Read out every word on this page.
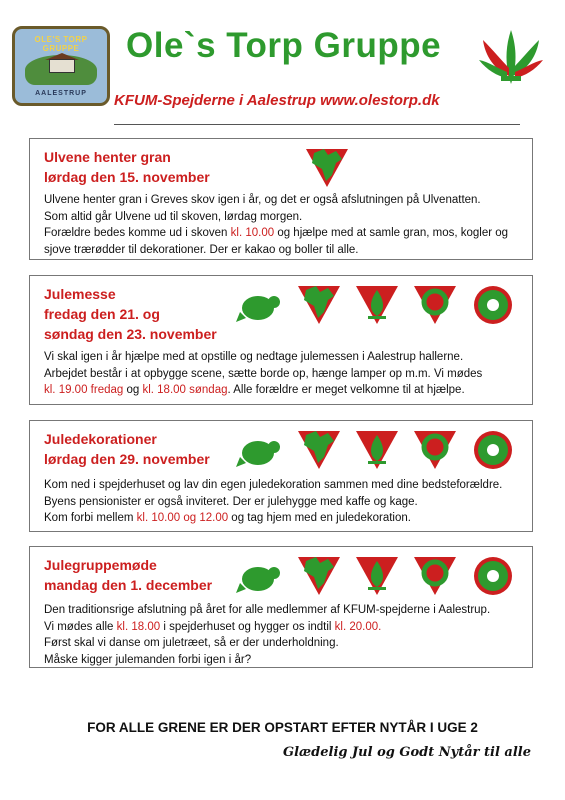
OLE'S TORP GRUPPE
AALESTRUP
Ole`s Torp Gruppe
KFUM-Spejderne i Aalestrup www.olestorp.dk
Ulvene henter gran
lørdag den 15. november
Ulvene henter gran i Greves skov igen i år, og det er også afslutningen på Ulvenatten.
Som altid går Ulvene ud til skoven, lørdag morgen.
Forældre bedes komme ud i skoven kl. 10.00 og hjælpe med at samle gran, mos, kogler og
sjove trærødder til dekorationer. Der er kakao og boller til alle.
Julemesse
fredag den 21. og
søndag den 23. november
Vi skal igen i år hjælpe med at opstille og nedtage julemessen i Aalestrup hallerne.
Arbejdet består i at opbygge scene, sætte borde op, hænge lamper op m.m. Vi mødes
kl. 19.00 fredag og kl. 18.00 søndag. Alle forældre er meget velkomne til at hjælpe.
Juledekorationer
lørdag den 29. november
Kom ned i spejderhuset og lav din egen juledekoration sammen med dine bedsteforældre.
Byens pensionister er også inviteret. Der er julehygge med kaffe og kage.
Kom forbi mellem kl. 10.00 og 12.00 og tag hjem med en juledekoration.
Julegruppemøde
mandag den 1. december
Den traditionsrige afslutning på året for alle medlemmer af KFUM-spejderne i Aalestrup.
Vi mødes alle kl. 18.00 i spejderhuset og hygger os indtil kl. 20.00.
Først skal vi danse om juletræet, så er der underholdning.
Måske kigger julemanden forbi igen i år?
FOR ALLE GRENE ER DER OPSTART EFTER NYTÅR I UGE 2
Glædelig Jul og Godt Nytår til alle
